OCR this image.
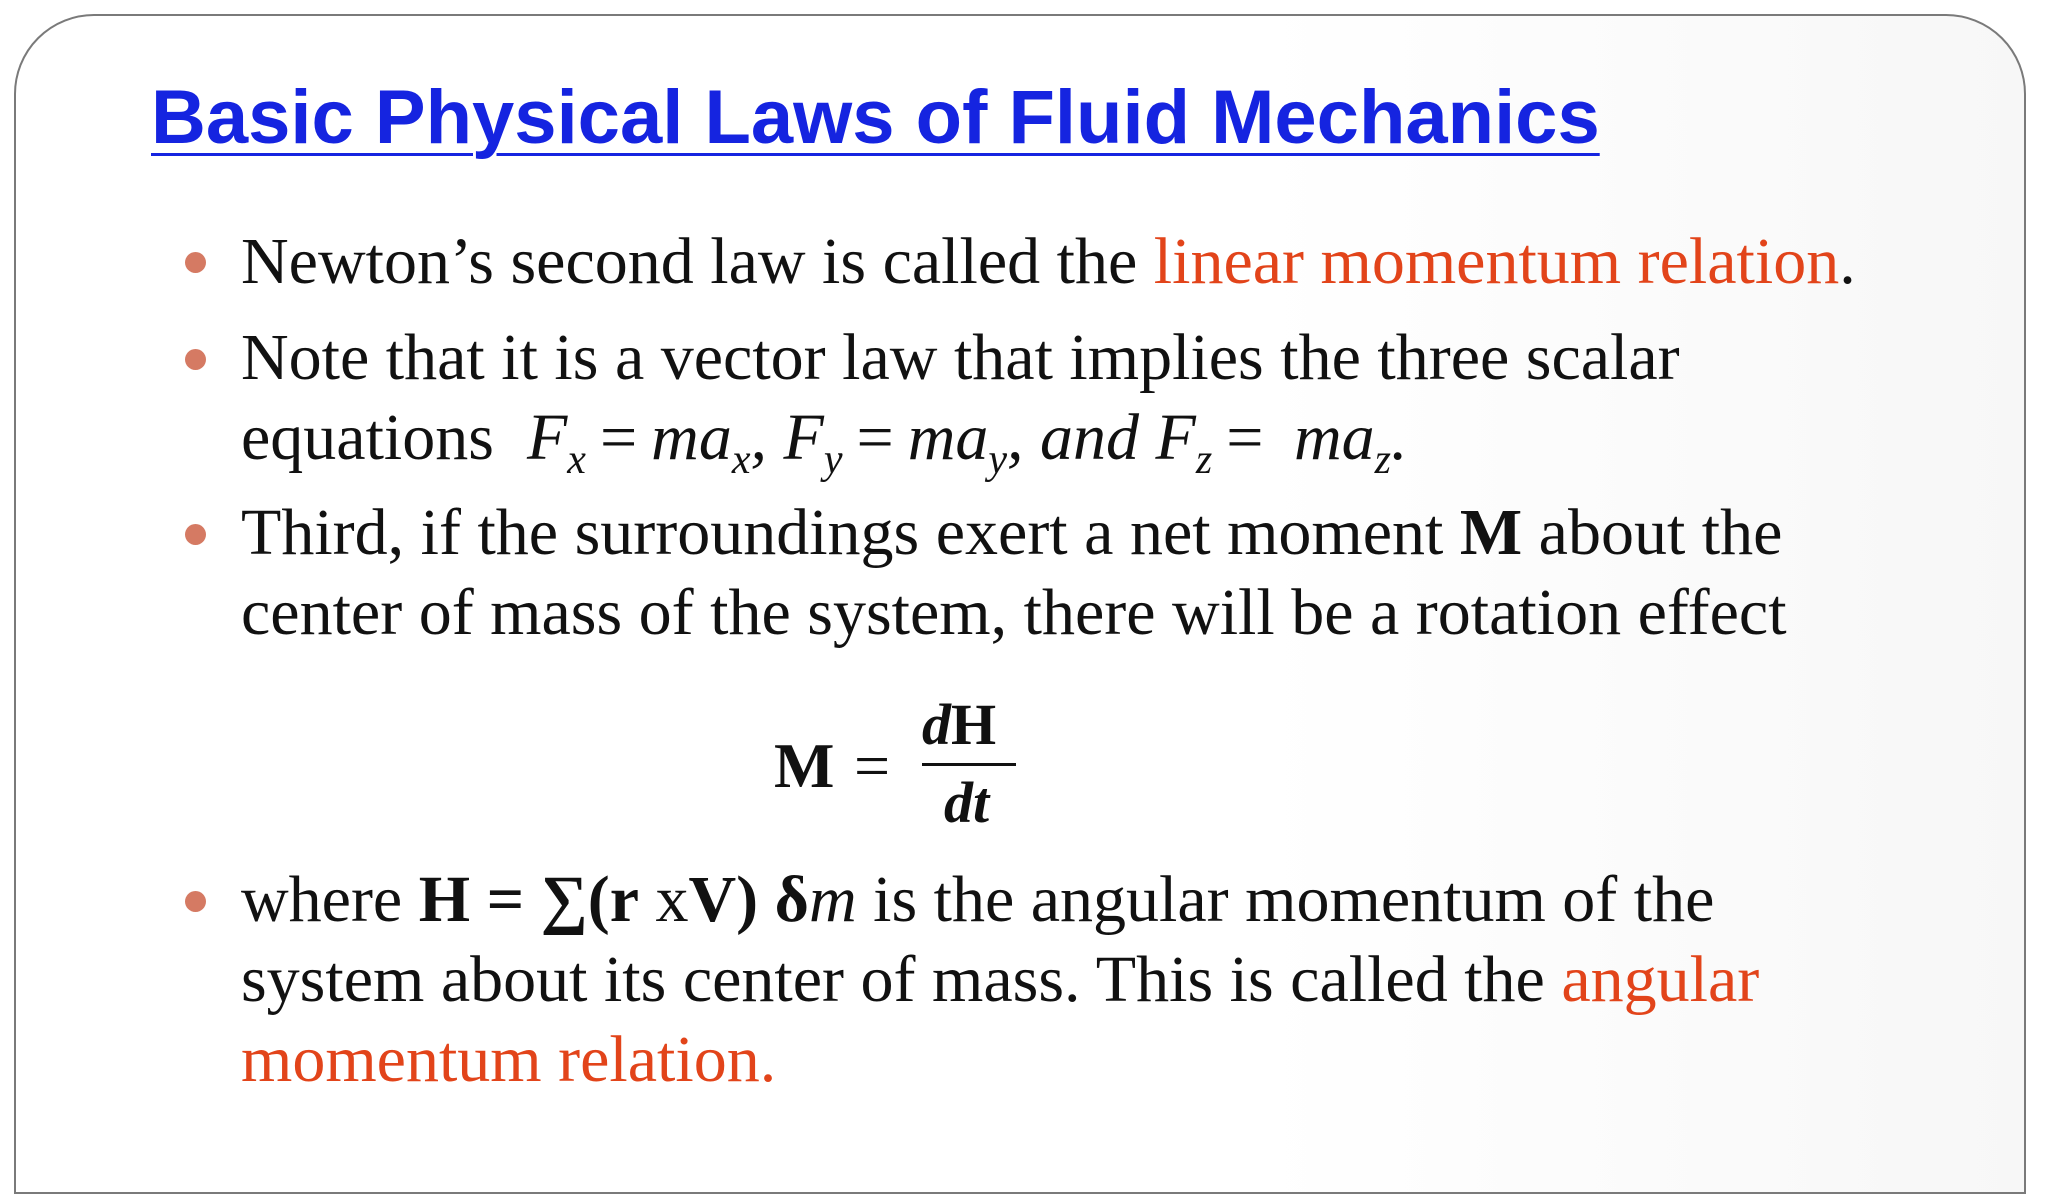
Basic Physical Laws of Fluid Mechanics
Newton’s second law is called the linear momentum relation.
Note that it is a vector law that implies the three scalar
equations $F_x = ma_x$, $F_y = ma_y$, and $F_z = ma_z$.
Third, if the surroundings exert a net moment M about the
center of mass of the system, there will be a rotation effect
where H = ∑(r xV) δm is the angular momentum of the
system about its center of mass. This is called the angular
momentum relation.
M =
dH
dt
